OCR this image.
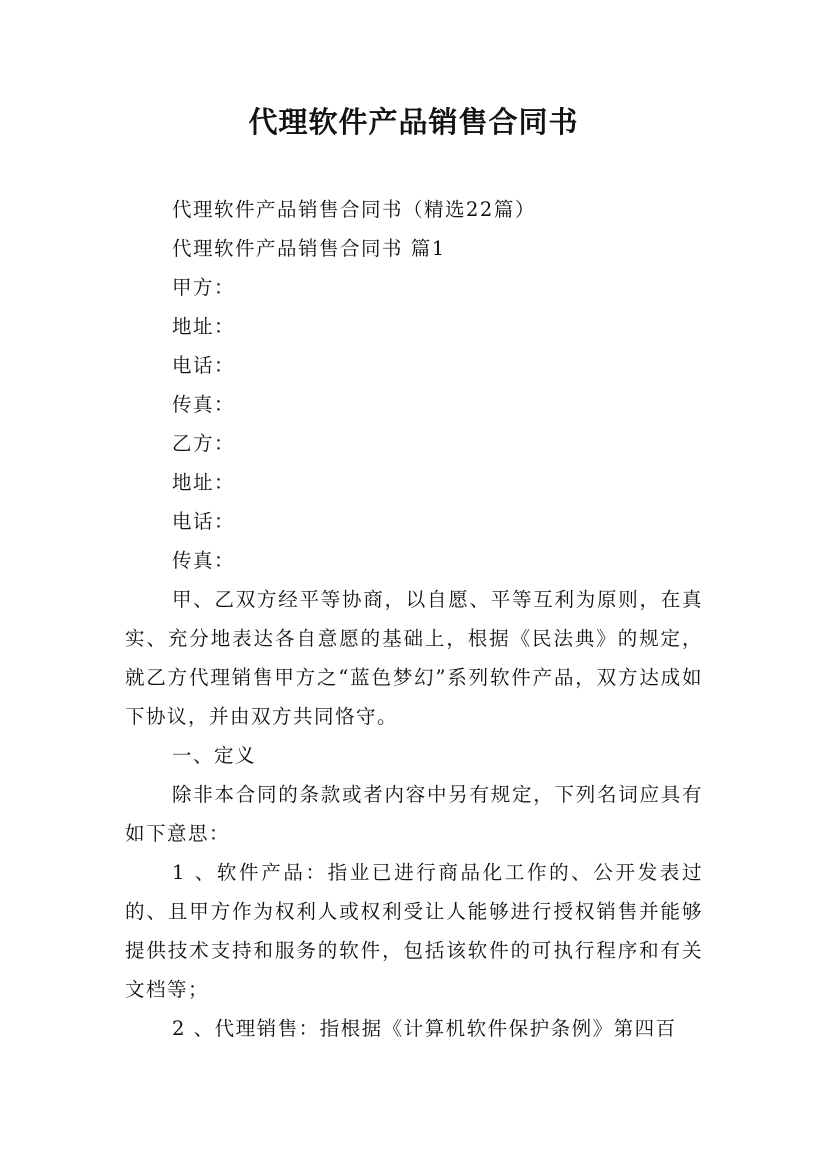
代理软件产品销售合同书

代理软件产品销售合同书（精选22篇）

代理软件产品销售合同书 篇1

甲方：

地址：

电话：

传真：

乙方：

地址：

电话：

传真：

甲、乙双方经平等协商，以自愿、平等互利为原则，在真实、充分地表达各自意愿的基础上，根据《民法典》的规定，就乙方代理销售甲方之“蓝色梦幻”系列软件产品，双方达成如下协议，并由双方共同恪守。

一、定义

除非本合同的条款或者内容中另有规定，下列名词应具有如下意思：

1 、软件产品：指业已进行商品化工作的、公开发表过的、且甲方作为权利人或权利受让人能够进行授权销售并能够提供技术支持和服务的软件，包括该软件的可执行程序和有关文档等；

2 、代理销售：指根据《计算机软件保护条例》第四百
